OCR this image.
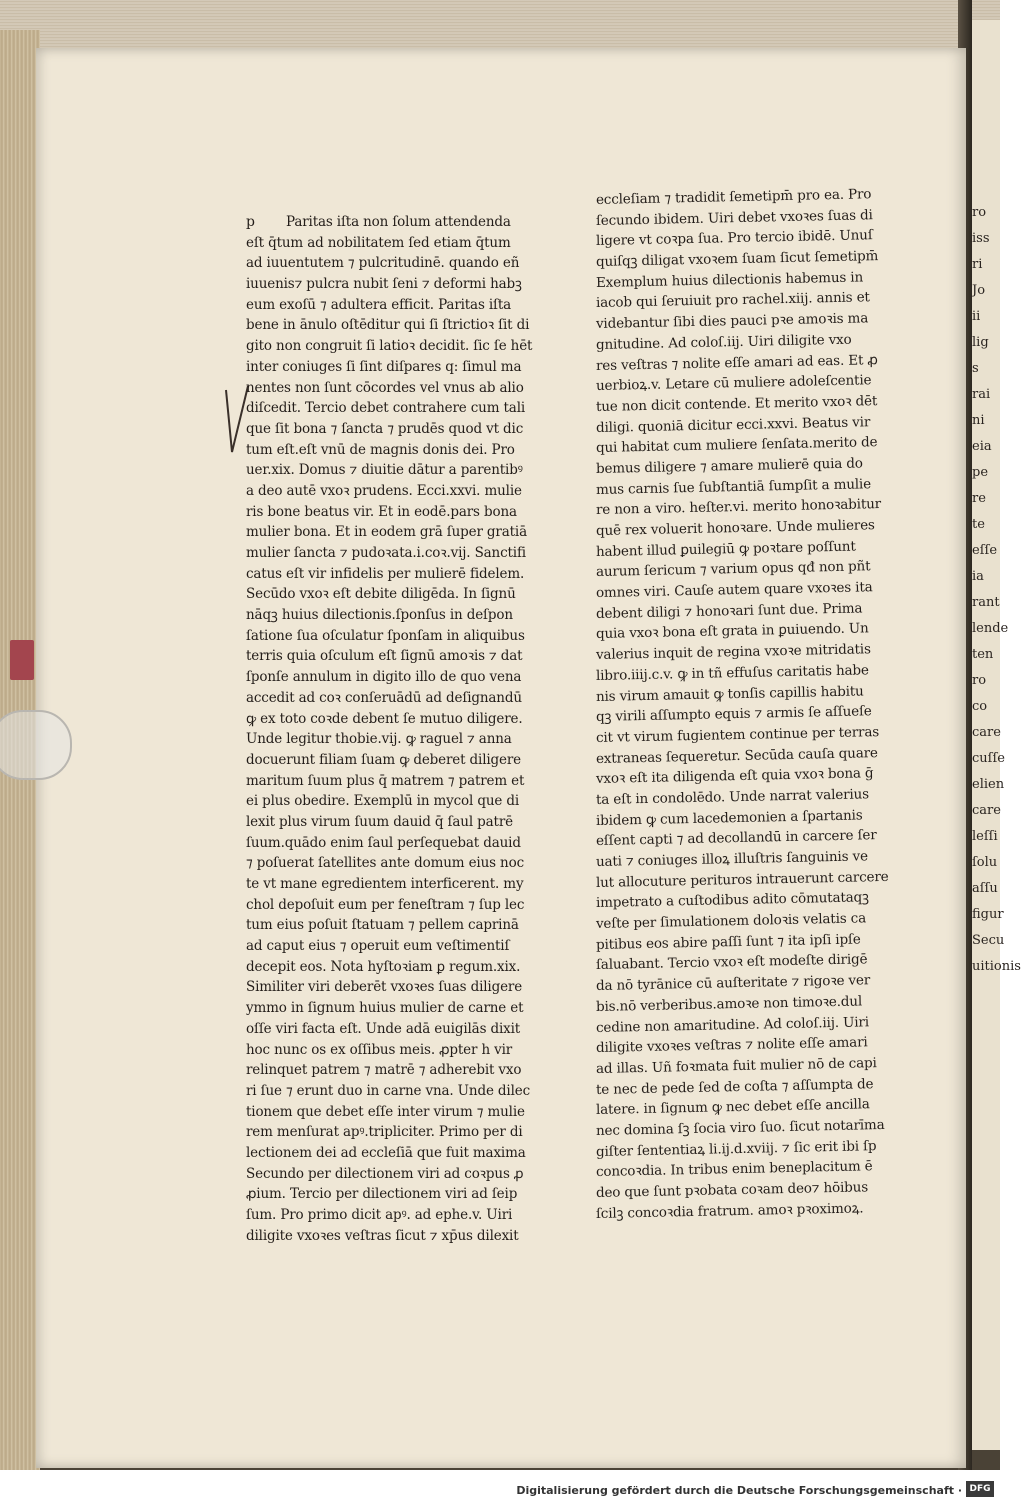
ro
iss
ri
Jo
ii
lig
s
rai
ni
eia
pe
re
te
eſſe
ia
rant
lende
ten
ro
co
care
cuſſe
elien
care
leſſi
ſolu
aſſu
figur
Secu
uitionis
Paritas iſta non ſolum attendenda
eſt q̄tum ad nobilitatem ſed etiam q̄tum
ad iuuentutem ⁊ pulcritudinē. quando eñ
iuuenis⁊ pulcra nubit ſeni ⁊ deformi habꝫ
eum exoſū ⁊ adultera efficit. Paritas iſta
bene in ānulo oſtēditur qui ſi ſtrictioꝛ ſit di
gito non congruit ſi latioꝛ decidit. ſic ſe hēt
inter coniuges ſi ſint diſpares q: ſimul ma
nentes non ſunt cōcordes vel vnus ab alio
diſcedit. Tercio debet contrahere cum tali
que ſit bona ⁊ ſancta ⁊ prudēs quod vt dic
tum eſt.eſt vnū de magnis donis dei. Pro
uer.xix. Domus ⁊ diuitie dātur a parentibꝰ
a deo autē vxoꝛ prudens. Ecci.xxvi. mulie
ris bone beatus vir. Et in eodē.pars bona
mulier bona. Et in eodem grā ſuper gratiā
mulier ſancta ⁊ pudoꝛata.i.coꝛ.vij. Sanctifi
catus eſt vir infidelis per mulierē fidelem.
Secūdo vxoꝛ eſt debite diligēda. In ſignū
nāqꝫ huius dilectionis.ſponſus in deſpon
ſatione ſua oſculatur ſponſam in aliquibus
terris quia oſculum eſt ſignū amoꝛis ⁊ dat
ſponſe annulum in digito illo de quo vena
accedit ad coꝛ conſeruādū ad deſignandū
ꝙ ex toto coꝛde debent ſe mutuo diligere.
Unde legitur thobie.vij. ꝙ raguel ⁊ anna
docuerunt filiam ſuam ꝙ deberet diligere
maritum ſuum plus q̄ matrem ⁊ patrem et
ei plus obedire. Exemplū in mycol que di
lexit plus virum ſuum dauid q̄ ſaul patrē
ſuum.quādo enim ſaul perſequebat dauid
⁊ poſuerat ſatellites ante domum eius noc
te vt mane egredientem interficerent. my
chol depoſuit eum per feneſtram ⁊ ſup lec
tum eius poſuit ſtatuam ⁊ pellem caprinā
ad caput eius ⁊ operuit eum veſtimentiſ
decepit eos. Nota hyſtoꝛiam ꝑ regum.xix.
Similiter viri deberēt vxoꝛes ſuas diligere
ymmo in ſignum huius mulier de carne et
oſſe viri facta eſt. Unde adā euigilās dixit
hoc nunc os ex oſſibus meis. ꝓpter h vir
relinquet patrem ⁊ matrē ⁊ adherebit vxo
ri ſue ⁊ erunt duo in carne vna. Unde dilec
tionem que debet eſſe inter virum ⁊ mulie
rem menſurat apꝰ.tripliciter. Primo per di
lectionem dei ad eccleſiā que fuit maxima
Secundo per dilectionem viri ad coꝛpus ꝓ
ꝓium. Tercio per dilectionem viri ad ſeip
ſum. Pro primo dicit apꝰ. ad ephe.v. Uiri
diligite vxoꝛes veſtras ſicut ⁊ xp̄us dilexit
eccleſiam ⁊ tradidit ſemetipm̄ pro ea. Pro
ſecundo ibidem. Uiri debet vxoꝛes ſuas di
ligere vt coꝛpa ſua. Pro tercio ibidē. Unuſ
quiſqꝫ diligat vxoꝛem ſuam ſicut ſemetipm̄
Exemplum huius dilectionis habemus in
iacob qui ſeruiuit pro rachel.xiij. annis et
videbantur ſibi dies pauci pꝛe amoꝛis ma
gnitudine. Ad coloſ.iij. Uiri diligite vxo
res veſtras ⁊ nolite eſſe amari ad eas. Et ꝓ
uerbioꝝ.v. Letare cū muliere adoleſcentie
tue non dicit contende. Et merito vxoꝛ dēt
diligi. quoniā dicitur ecci.xxvi. Beatus vir
qui habitat cum muliere ſenſata.merito de
bemus diligere ⁊ amare mulierē quia do
mus carnis ſue ſubſtantiā ſumpſit a mulie
re non a viro. heſter.vi. merito honoꝛabitur
quē rex voluerit honoꝛare. Unde mulieres
habent illud ꝑuilegiū ꝙ poꝛtare poſſunt
aurum ſericum ⁊ varium opus qđ non pñt
omnes viri. Cauſe autem quare vxoꝛes ita
debent diligi ⁊ honoꝛari ſunt due. Prima
quia vxoꝛ bona eſt grata in ꝑuiuendo. Un
valerius inquit de regina vxoꝛe mitridatis
libro.iiij.c.v. ꝙ in tñ effuſus caritatis habe
nis virum amauit ꝙ tonſis capillis habitu
qꝫ virili aſſumpto equis ⁊ armis ſe aſſueſe
cit vt virum fugientem continue per terras
extraneas ſequeretur. Secūda cauſa quare
vxoꝛ eſt ita diligenda eſt quia vxoꝛ bona ḡ
ta eſt in condolēdo. Unde narrat valerius
ibidem ꝙ cum lacedemonien a ſpartanis
eſſent capti ⁊ ad decollandū in carcere ſer
uati ⁊ coniuges illoꝝ illuſtris ſanguinis ve
lut allocuture perituros intrauerunt carcere
impetrato a cuſtodibus adito cōmutataqꝫ
veſte per ſimulationem doloꝛis velatis ca
pitibus eos abire paſſi ſunt ⁊ ita ipſi ipſe
ſaluabant. Tercio vxoꝛ eſt modeſte dirigē
da nō tyrānice cū auſteritate ⁊ rigoꝛe ver
bis.nō verberibus.amoꝛe non timoꝛe.dul
cedine non amaritudine. Ad coloſ.iij. Uiri
diligite vxoꝛes veſtras ⁊ nolite eſſe amari
ad illas. Uñ foꝛmata fuit mulier nō de capi
te nec de pede ſed de coſta ⁊ aſſumpta de
latere. in ſignum ꝙ nec debet eſſe ancilla
nec domina ſꝫ ſocia viro ſuo. ſicut notarīma
giſter ſententiaꝝ li.ij.d.xviij. ⁊ ſic erit ibi ſp
concoꝛdia. In tribus enim beneplacitum ē
deo que ſunt pꝛobata coꝛam deo⁊ hōibus
ſcilꝫ concoꝛdia fratrum. amoꝛ pꝛoximoꝝ.
Digitalisierung gefördert durch die Deutsche Forschungsgemeinschaft · DFG
p
